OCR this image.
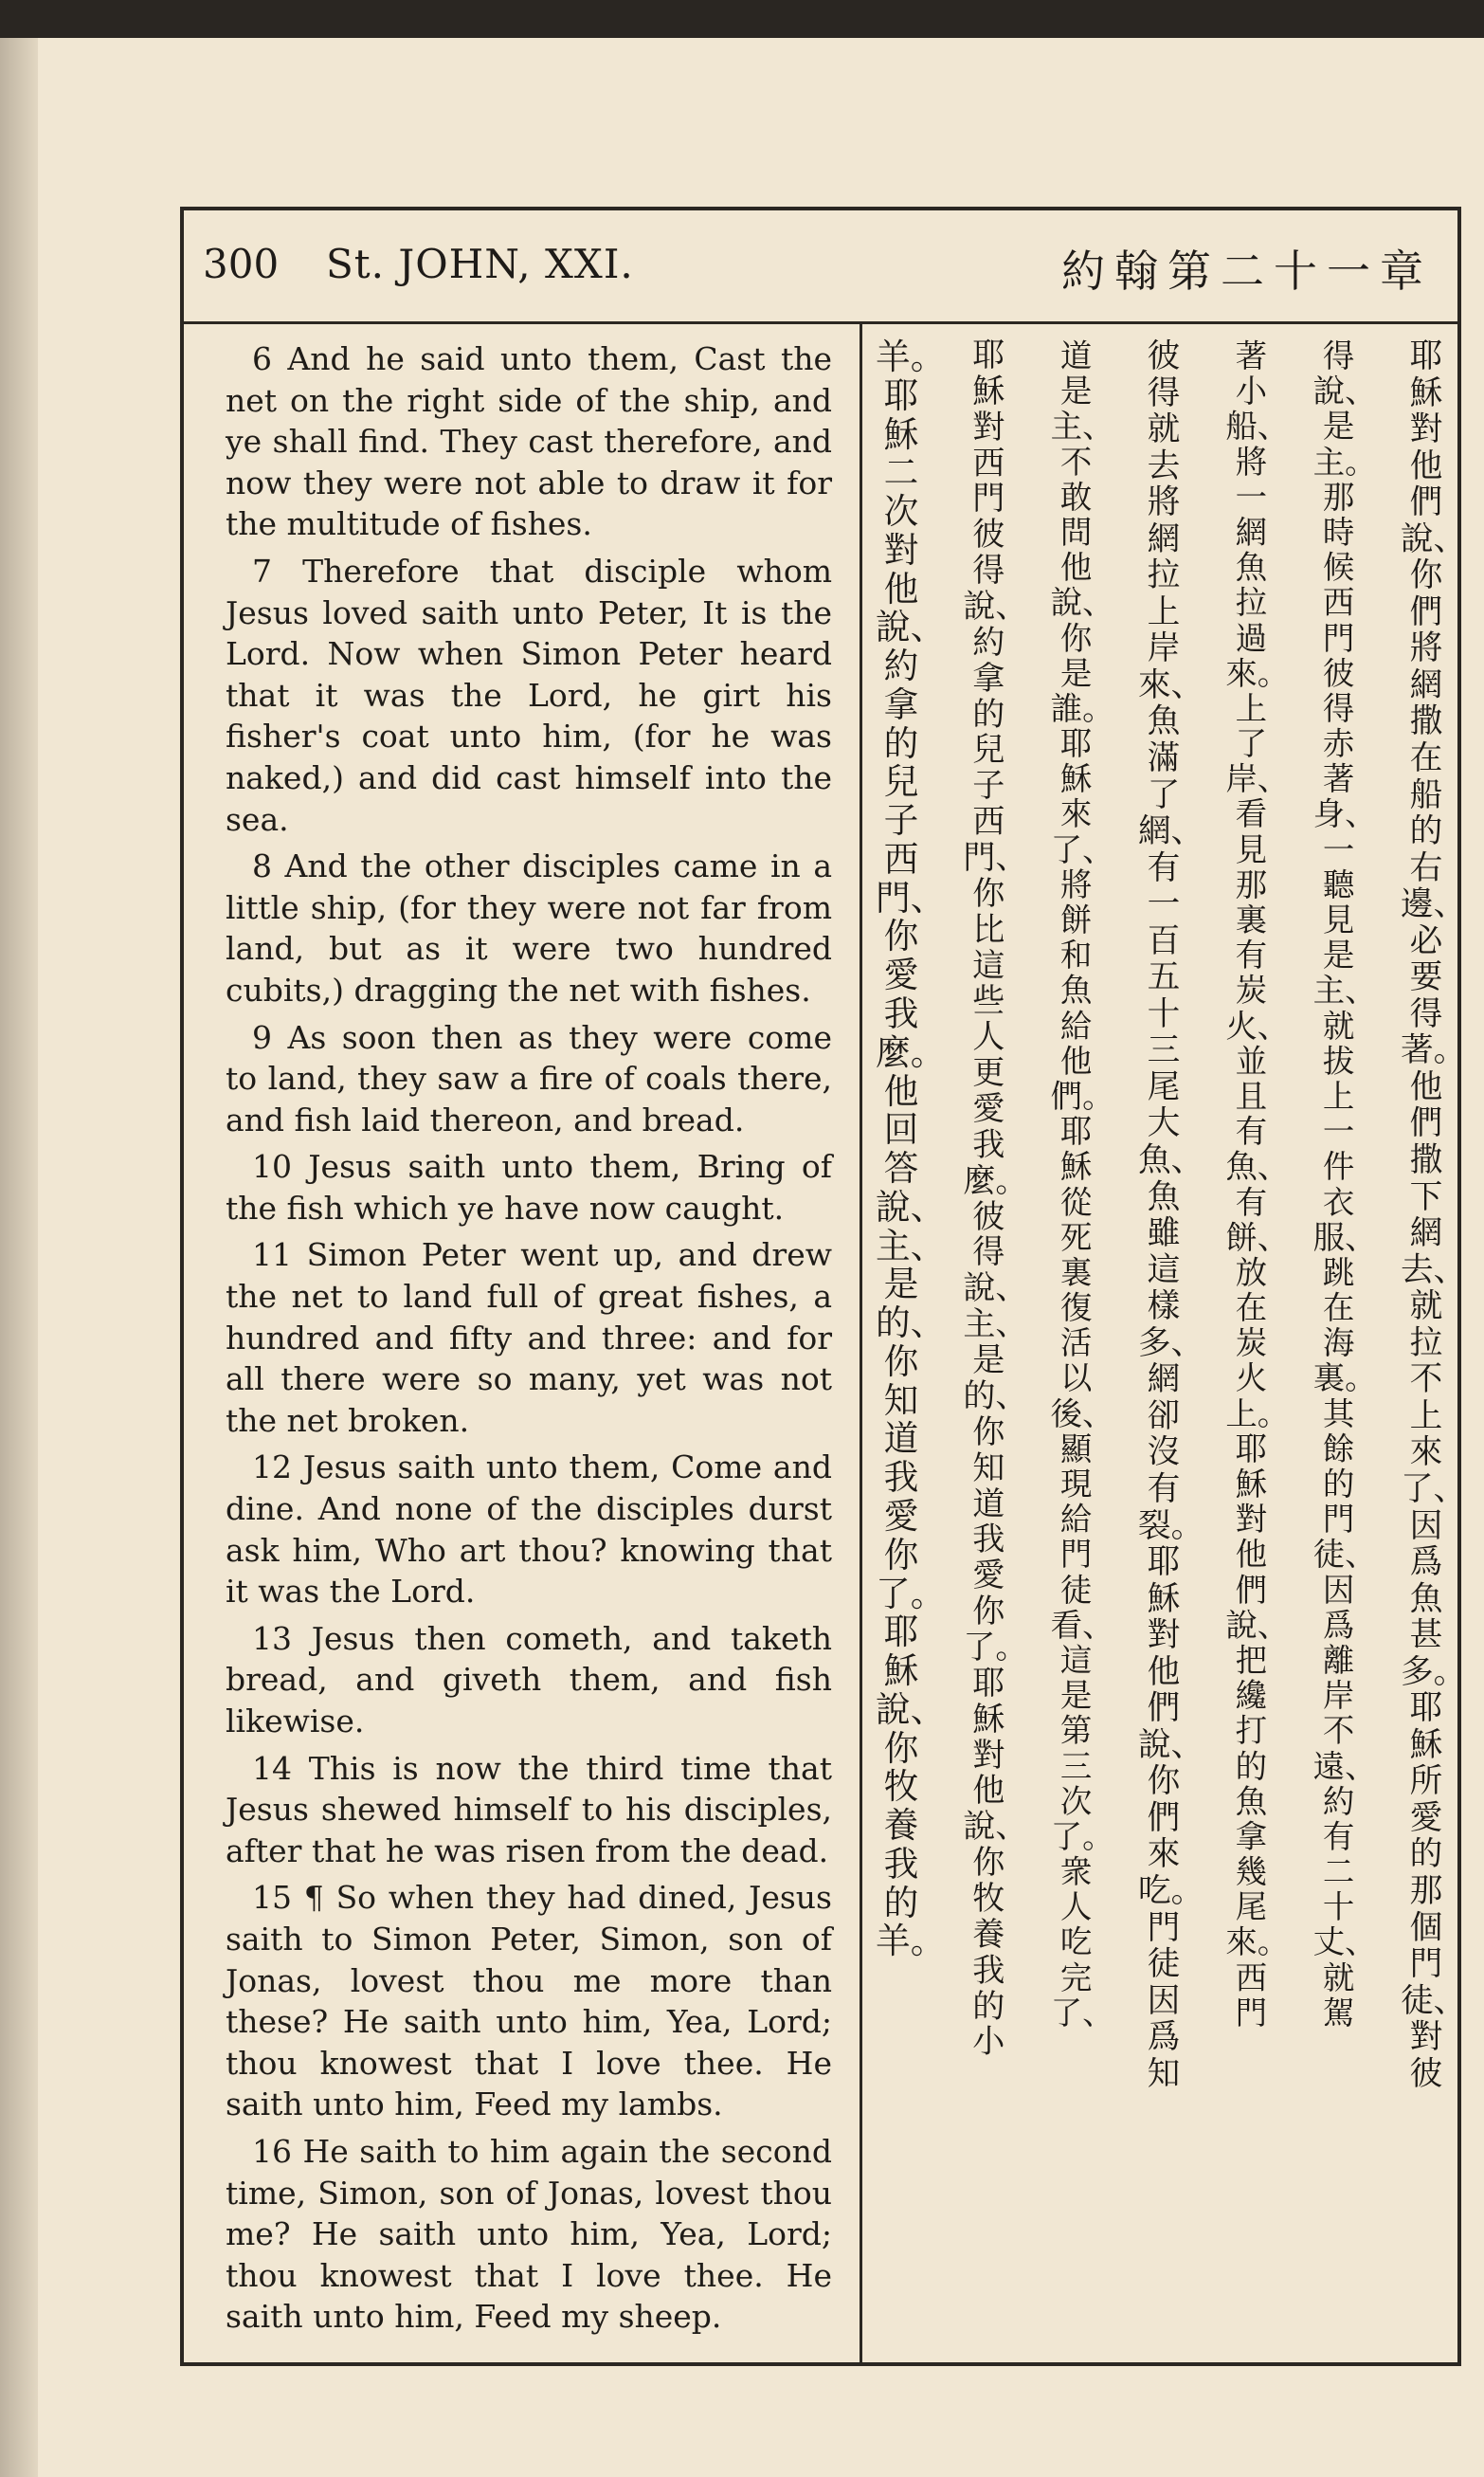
300 St. JOHN, XXI.	約翰第二十一章

6 And he said unto them, Cast the net on the right side of the ship, and ye shall find. They cast therefore, and now they were not able to draw it for the multitude of fishes.

7 Therefore that disciple whom Jesus loved saith unto Peter, It is the Lord. Now when Simon Peter heard that it was the Lord, he girt his fisher's coat unto him, (for he was naked,) and did cast himself into the sea.

8 And the other disciples came in a little ship, (for they were not far from land, but as it were two hundred cubits,) dragging the net with fishes.

9 As soon then as they were come to land, they saw a fire of coals there, and fish laid thereon, and bread.

10 Jesus saith unto them, Bring of the fish which ye have now caught.

11 Simon Peter went up, and drew the net to land full of great fishes, a hundred and fifty and three: and for all there were so many, yet was not the net broken.

12 Jesus saith unto them, Come and dine. And none of the disciples durst ask him, Who art thou? knowing that it was the Lord.

13 Jesus then cometh, and taketh bread, and giveth them, and fish likewise.

14 This is now the third time that Jesus shewed himself to his disciples, after that he was risen from the dead.

15 ¶ So when they had dined, Jesus saith to Simon Peter, Simon, son of Jonas, lovest thou me more than these? He saith unto him, Yea, Lord; thou knowest that I love thee. He saith unto him, Feed my lambs.

16 He saith to him again the second time, Simon, son of Jonas, lovest thou me? He saith unto him, Yea, Lord; thou knowest that I love thee. He saith unto him, Feed my sheep.

耶穌對他們說、你們將網撒在船的右邊、必要得著。他們撒下網去、就拉不上來了、因爲魚甚多。耶穌所愛的那個門徒、對彼
得說、是主。那時候西門彼得赤著身、一聽見是主、就拔上一件衣服、跳在海裏。其餘的門徒、因爲離岸不遠、約有二十丈、就駕
著小船、將一網魚拉過來。上了岸、看見那裏有炭火、並且有魚、有餅、放在炭火上。耶穌對他們說、把纔打的魚拿幾尾來。西門
彼得就去將網拉上岸來、魚滿了網、有一百五十三尾大魚、魚雖這樣多、網卻沒有裂。耶穌對他們說、你們來吃。門徒因爲知
道是主、不敢問他說、你是誰。耶穌來了、將餅和魚給他們。耶穌從死裏復活以後、顯現給門徒看、這是第三次了。衆人吃完了、
耶穌對西門彼得說、約拿的兒子西門、你比這些人更愛我麼。彼得說、主、是的、你知道我愛你了。耶穌對他說、你牧養我的小
羊。耶穌二次對他說、約拿的兒子西門、你愛我麼。他回答說、主、是的、你知道我愛你了。耶穌說、你牧養我的羊。
